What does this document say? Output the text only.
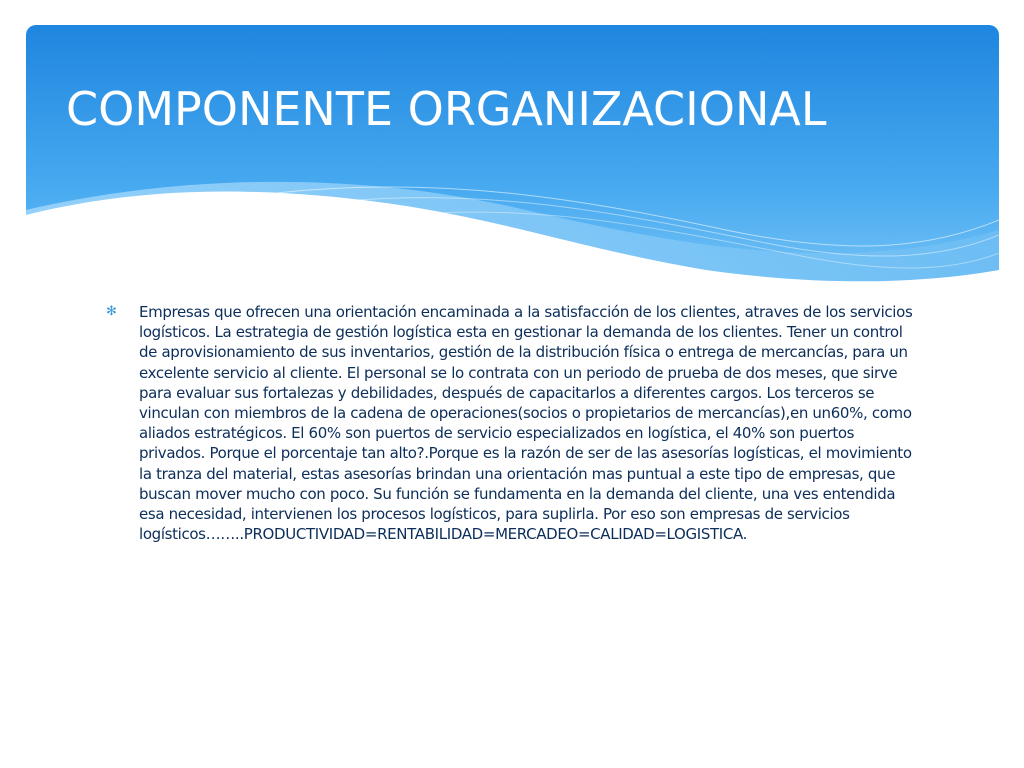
COMPONENTE ORGANIZACIONAL
✻ Empresas que ofrecen una orientación encaminada a la satisfacción de los clientes, atraves de los servicios logísticos. La estrategia de gestión logística esta en gestionar la demanda de los clientes. Tener un control de aprovisionamiento de sus inventarios, gestión de la distribución física o entrega de mercancías, para un excelente servicio al cliente. El personal se lo contrata con un periodo de prueba de dos meses, que sirve para evaluar sus fortalezas y debilidades, después de capacitarlos a diferentes cargos. Los terceros se vinculan con miembros de la cadena de operaciones(socios o propietarios de mercancías),en un60%, como aliados estratégicos. El 60% son puertos de servicio especializados en logística, el 40% son puertos privados. Porque el porcentaje tan alto?.Porque es la razón de ser de las asesorías logísticas, el movimiento la tranza del material, estas asesorías brindan una orientación mas puntual a este tipo de empresas, que buscan mover mucho con poco. Su función se fundamenta en la demanda del cliente, una ves entendida esa necesidad, intervienen los procesos logísticos, para suplirla. Por eso son empresas de servicios logísticos……..PRODUCTIVIDAD=RENTABILIDAD=MERCADEO=CALIDAD=LOGISTICA.
